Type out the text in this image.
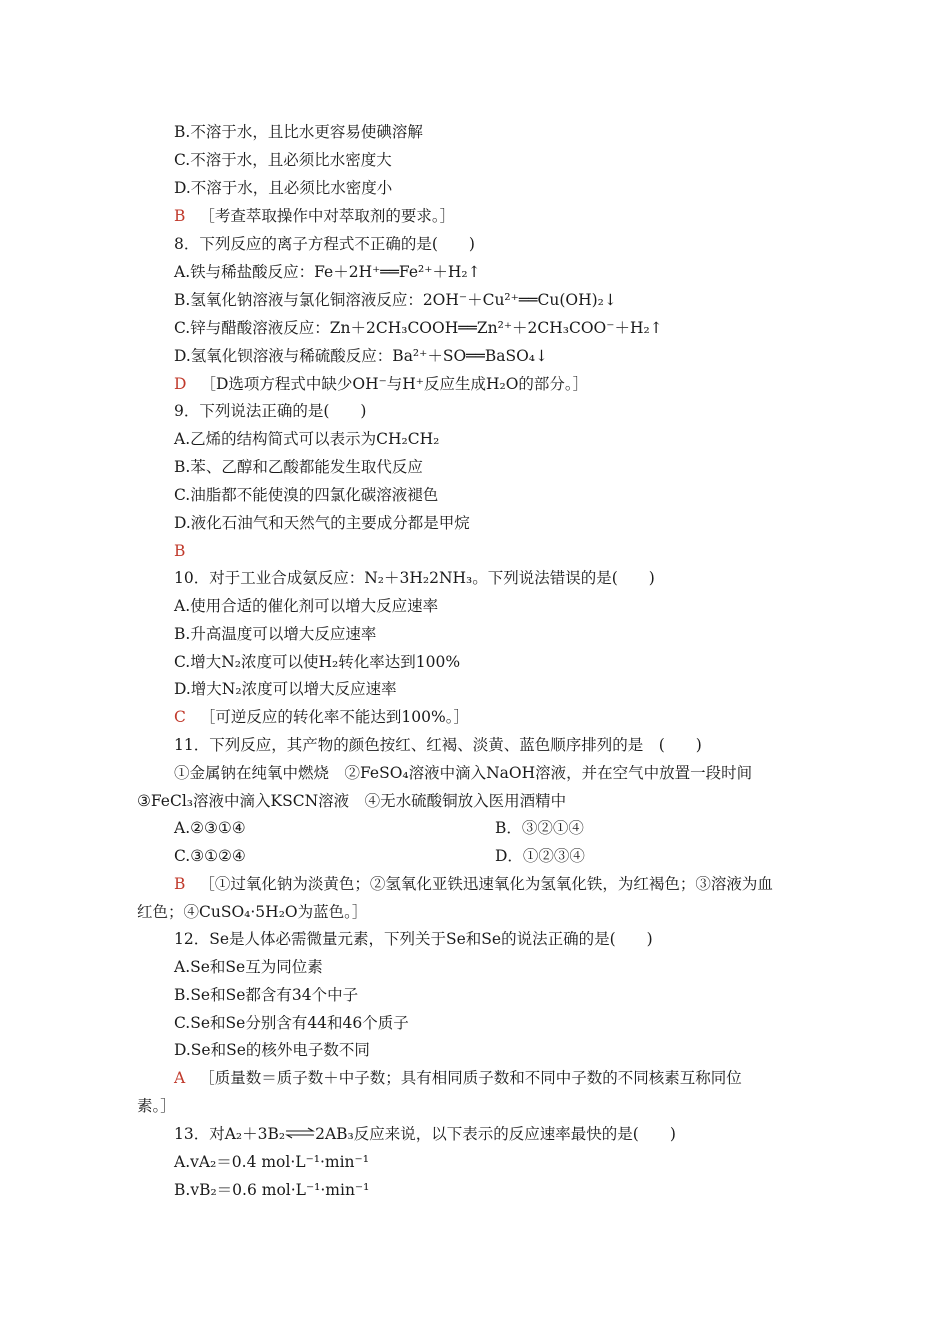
B.不溶于水，且比水更容易使碘溶解
C.不溶于水，且必须比水密度大
D.不溶于水，且必须比水密度小
B ［考查萃取操作中对萃取剂的要求。］
8．下列反应的离子方程式不正确的是(　　)
A.铁与稀盐酸反应：Fe＋2H⁺══Fe²⁺＋H₂↑
B.氢氧化钠溶液与氯化铜溶液反应：2OH⁻＋Cu²⁺══Cu(OH)₂↓
C.锌与醋酸溶液反应：Zn＋2CH₃COOH══Zn²⁺＋2CH₃COO⁻＋H₂↑
D.氢氧化钡溶液与稀硫酸反应：Ba²⁺＋SO══BaSO₄↓
D ［D选项方程式中缺少OH⁻与H⁺反应生成H₂O的部分。］
9．下列说法正确的是(　　)
A.乙烯的结构简式可以表示为CH₂CH₂
B.苯、乙醇和乙酸都能发生取代反应
C.油脂都不能使溴的四氯化碳溶液褪色
D.液化石油气和天然气的主要成分都是甲烷
B
10．对于工业合成氨反应：N₂＋3H₂2NH₃。下列说法错误的是(　　)
A.使用合适的催化剂可以增大反应速率
B.升高温度可以增大反应速率
C.增大N₂浓度可以使H₂转化率达到100%
D.增大N₂浓度可以增大反应速率
C ［可逆反应的转化率不能达到100%。］
11．下列反应，其产物的颜色按红、红褐、淡黄、蓝色顺序排列的是　(　　)
①金属钠在纯氧中燃烧　②FeSO₄溶液中滴入NaOH溶液，并在空气中放置一段时间
③FeCl₃溶液中滴入KSCN溶液　④无水硫酸铜放入医用酒精中
A.②③①④	B．③②①④
C.③①②④	D．①②③④
B ［①过氧化钠为淡黄色；②氢氧化亚铁迅速氧化为氢氧化铁，为红褐色；③溶液为血
红色；④CuSO₄·5H₂O为蓝色。］
12．Se是人体必需微量元素，下列关于Se和Se的说法正确的是(　　)
A.Se和Se互为同位素
B.Se和Se都含有34个中子
C.Se和Se分别含有44和46个质子
D.Se和Se的核外电子数不同
A ［质量数＝质子数＋中子数；具有相同质子数和不同中子数的不同核素互称同位
素。］
13．对A₂＋3B₂⇌2AB₃反应来说，以下表示的反应速率最快的是(　　)
A.vA₂＝0.4 mol·L⁻¹·min⁻¹
B.vB₂＝0.6 mol·L⁻¹·min⁻¹
